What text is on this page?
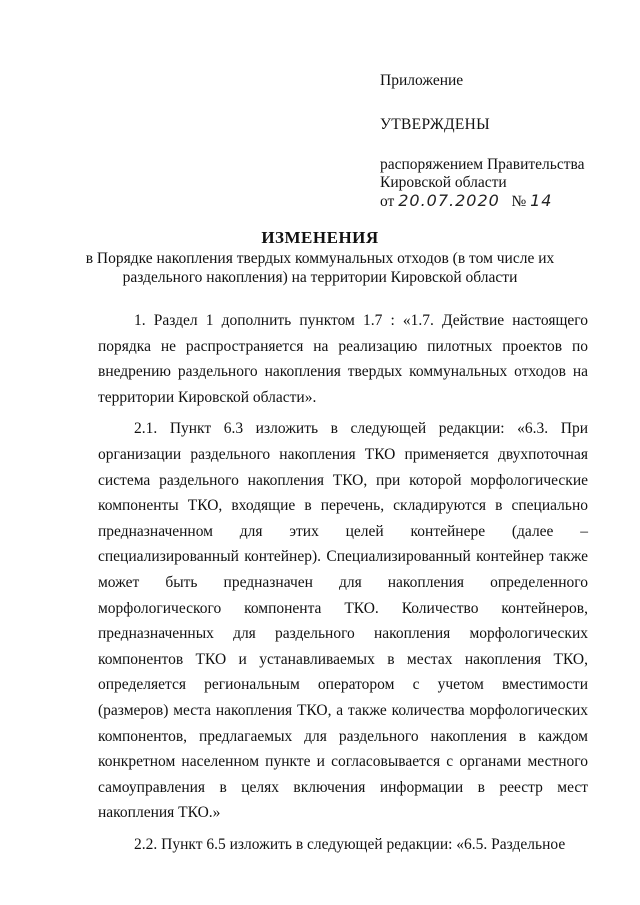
Приложение

УТВЕРЖДЕНЫ

распоряжением Правительства
Кировской области
от 20.07.2020 № 14

ИЗМЕНЕНИЯ

в Порядке накопления твердых коммунальных отходов (в том числе их раздельного накопления) на территории Кировской области

1. Раздел 1 дополнить пунктом 1.7 : «1.7. Действие настоящего порядка не распространяется на реализацию пилотных проектов по внедрению раздельного накопления твердых коммунальных отходов на территории Кировской области».

2.1. Пункт 6.3 изложить в следующей редакции: «6.3. При организации раздельного накопления ТКО применяется двухпоточная система раздельного накопления ТКО, при которой морфологические компоненты ТКО, входящие в перечень, складируются в специально предназначенном для этих целей контейнере (далее – специализированный контейнер). Специализированный контейнер также может быть предназначен для накопления определенного морфологического компонента ТКО. Количество контейнеров, предназначенных для раздельного накопления морфологических компонентов ТКО и устанавливаемых в местах накопления ТКО, определяется региональным оператором с учетом вместимости (размеров) места накопления ТКО, а также количества морфологических компонентов, предлагаемых для раздельного накопления в каждом конкретном населенном пункте и согласовывается с органами местного самоуправления в целях включения информации в реестр мест накопления ТКО.»

2.2. Пункт 6.5 изложить в следующей редакции: «6.5. Раздельное
